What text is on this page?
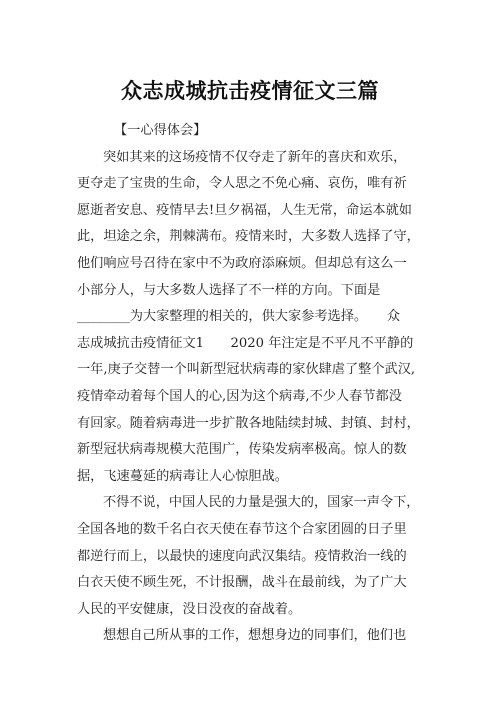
众志成城抗击疫情征文三篇
【一心得体会】
突如其来的这场疫情不仅夺走了新年的喜庆和欢乐，
更夺走了宝贵的生命，令人思之不免心痛、哀伤，唯有祈
愿逝者安息、疫情早去!旦夕祸福，人生无常，命运本就如
此，坦途之余，荆棘满布。疫情来时，大多数人选择了守，
他们响应号召待在家中不为政府添麻烦。但却总有这么一
小部分人，与大多数人选择了不一样的方向。下面是
________为大家整理的相关的，供大家参考选择。　　众
志成城抗击疫情征文1　　2020 年注定是不平凡不平静的
一年,庚子交替一个叫新型冠状病毒的家伙肆虐了整个武汉,
疫情牵动着每个国人的心,因为这个病毒,不少人春节都没
有回家。随着病毒进一步扩散各地陆续封城、封镇、封村，
新型冠状病毒规模大范围广，传染发病率极高。惊人的数
据，飞速蔓延的病毒让人心惊胆战。
不得不说，中国人民的力量是强大的，国家一声令下，
全国各地的数千名白衣天使在春节这个合家团圆的日子里
都逆行而上，以最快的速度向武汉集结。疫情救治一线的
白衣天使不顾生死，不计报酬，战斗在最前线，为了广大
人民的平安健康，没日没夜的奋战着。
想想自己所从事的工作，想想身边的同事们，他们也
